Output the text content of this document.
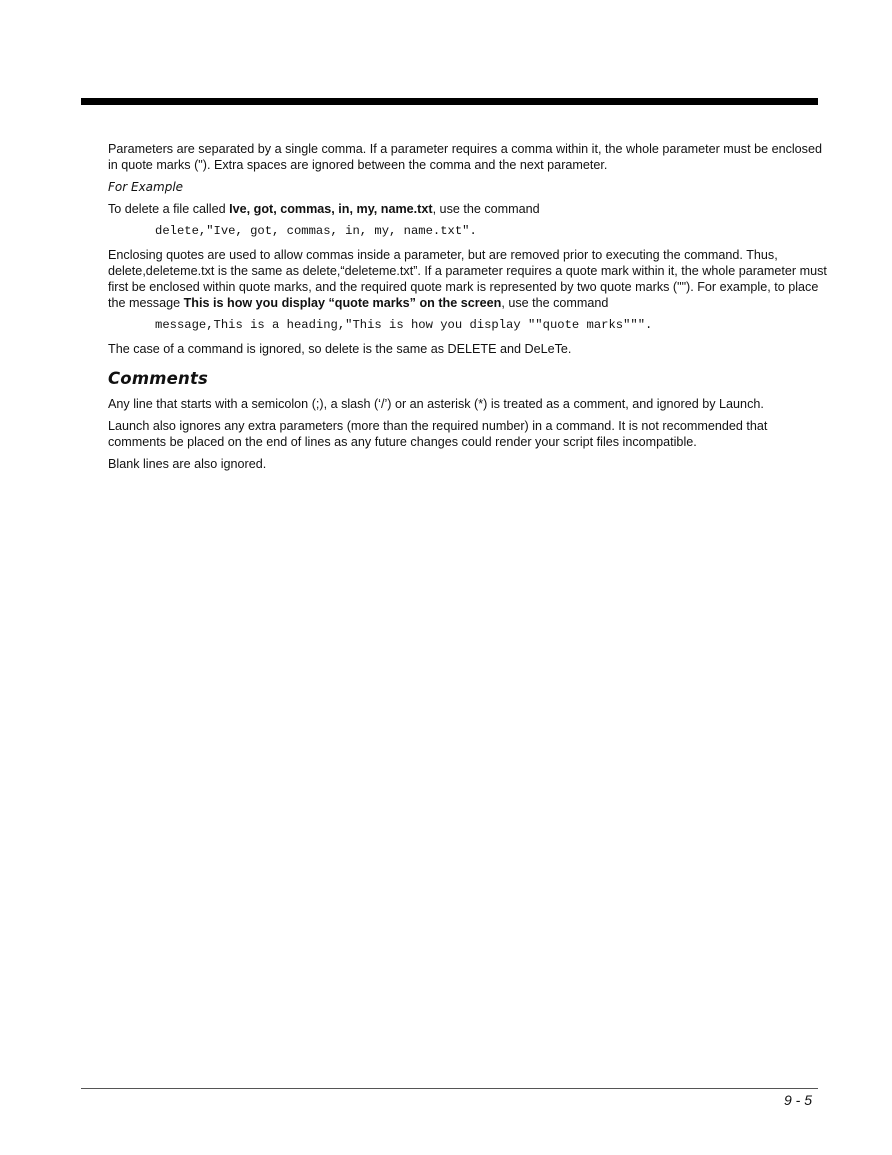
Parameters are separated by a single comma. If a parameter requires a comma within it, the whole parameter must be enclosed in quote marks ("). Extra spaces are ignored between the comma and the next parameter.

For Example

To delete a file called Ive, got, commas, in, my, name.txt, use the command

delete,"Ive, got, commas, in, my, name.txt".

Enclosing quotes are used to allow commas inside a parameter, but are removed prior to executing the command. Thus, delete,deleteme.txt is the same as delete,“deleteme.txt”. If a parameter requires a quote mark within it, the whole parameter must first be enclosed within quote marks, and the required quote mark is represented by two quote marks (""). For example, to place the message This is how you display “quote marks” on the screen, use the command

message,This is a heading,"This is how you display ""quote marks""".

The case of a command is ignored, so delete is the same as DELETE and DeLeTe.

Comments

Any line that starts with a semicolon (;), a slash (‘/’) or an asterisk (*) is treated as a comment, and ignored by Launch.

Launch also ignores any extra parameters (more than the required number) in a command. It is not recommended that comments be placed on the end of lines as any future changes could render your script files incompatible.

Blank lines are also ignored.

9 - 5
